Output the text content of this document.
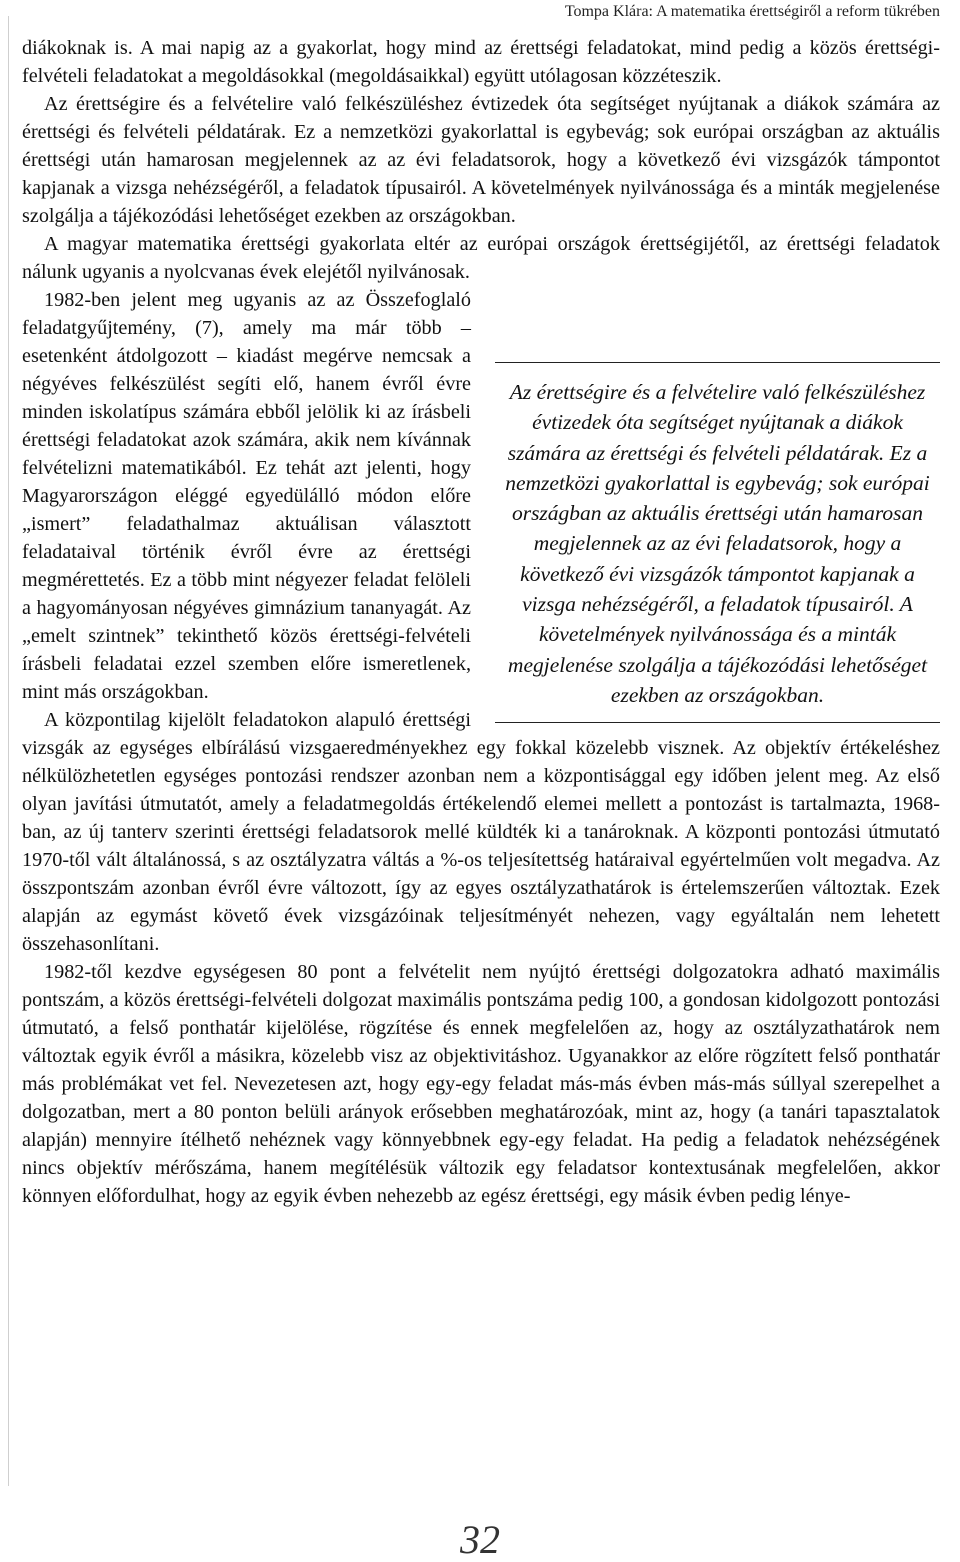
Tompa Klára: A matematika érettségiről a reform tükrében

diákoknak is. A mai napig az a gyakorlat, hogy mind az érettségi feladatokat, mind pedig a közös érettségi-felvételi feladatokat a megoldásokkal (megoldásaikkal) együtt utólagosan közzéteszik.

Az érettségire és a felvételire való felkészüléshez évtizedek óta segítséget nyújtanak a diákok számára az érettségi és felvételi példatárak. Ez a nemzetközi gyakorlattal is egybevág; sok európai országban az aktuális érettségi után hamarosan megjelennek az az évi feladatsorok, hogy a következő évi vizsgázók támpontot kapjanak a vizsga nehézségéről, a feladatok típusairól. A követelmények nyilvánossága és a minták megjelenése szolgálja a tájékozódási lehetőséget ezekben az országokban.

A magyar matematika érettségi gyakorlata eltér az európai országok érettségijétől, az érettségi feladatok nálunk ugyanis a nyolcvanas évek elejétől nyilvánosak.

Az érettségire és a felvételire való felkészüléshez évtizedek óta segítséget nyújtanak a diákok számára az érettségi és felvételi példatárak. Ez a nemzetközi gyakorlattal is egybevág; sok európai országban az aktuális érettségi után hamarosan megjelennek az az évi feladatsorok, hogy a következő évi vizsgázók támpontot kapjanak a vizsga nehézségéről, a feladatok típusairól. A követelmények nyilvánossága és a minták megjelenése szolgálja a tájékozódási lehetőséget ezekben az országokban.

1982-ben jelent meg ugyanis az az Összefoglaló feladatgyűjtemény, (7), amely ma már több – esetenként átdolgozott – kiadást megérve nemcsak a négyéves felkészülést segíti elő, hanem évről évre minden iskolatípus számára ebből jelölik ki az írásbeli érettségi feladatokat azok számára, akik nem kívánnak felvételizni matematikából. Ez tehát azt jelenti, hogy Magyarországon eléggé egyedülálló módon előre „ismert” feladathalmaz aktuálisan választott feladataival történik évről évre az érettségi megmérettetés. Ez a több mint négyezer feladat felöleli a hagyományosan négyéves gimnázium tananyagát. Az „emelt szintnek” tekinthető közös érettségi-felvételi írásbeli feladatai ezzel szemben előre ismeretlenek, mint más országokban.

A központilag kijelölt feladatokon alapuló érettségi vizsgák az egységes elbírálású vizsgaeredményekhez egy fokkal közelebb visznek. Az objektív értékeléshez nélkülözhetetlen egységes pontozási rendszer azonban nem a központisággal egy időben jelent meg. Az első olyan javítási útmutatót, amely a feladatmegoldás értékelendő elemei mellett a pontozást is tartalmazta, 1968-ban, az új tanterv szerinti érettségi feladatsorok mellé küldték ki a tanároknak. A központi pontozási útmutató 1970-től vált általánossá, s az osztályzatra váltás a %-os teljesítettség határaival egyértelműen volt megadva. Az összpontszám azonban évről évre változott, így az egyes osztályzathatárok is értelemszerűen változtak. Ezek alapján az egymást követő évek vizsgázóinak teljesítményét nehezen, vagy egyáltalán nem lehetett összehasonlítani.

1982-től kezdve egységesen 80 pont a felvételit nem nyújtó érettségi dolgozatokra adható maximális pontszám, a közös érettségi-felvételi dolgozat maximális pontszáma pedig 100, a gondosan kidolgozott pontozási útmutató, a felső ponthatár kijelölése, rögzítése és ennek megfelelően az, hogy az osztályzathatárok nem változtak egyik évről a másikra, közelebb visz az objektivitáshoz. Ugyanakkor az előre rögzített felső ponthatár más problémákat vet fel. Nevezetesen azt, hogy egy-egy feladat más-más évben más-más súllyal szerepelhet a dolgozatban, mert a 80 ponton belüli arányok erősebben meghatározóak, mint az, hogy (a tanári tapasztalatok alapján) mennyire ítélhető nehéznek vagy könnyebbnek egy-egy feladat. Ha pedig a feladatok nehézségének nincs objektív mérőszáma, hanem megítélésük változik egy feladatsor kontextusának megfelelően, akkor könnyen előfordulhat, hogy az egyik évben nehezebb az egész érettségi, egy másik évben pedig lénye-

32
